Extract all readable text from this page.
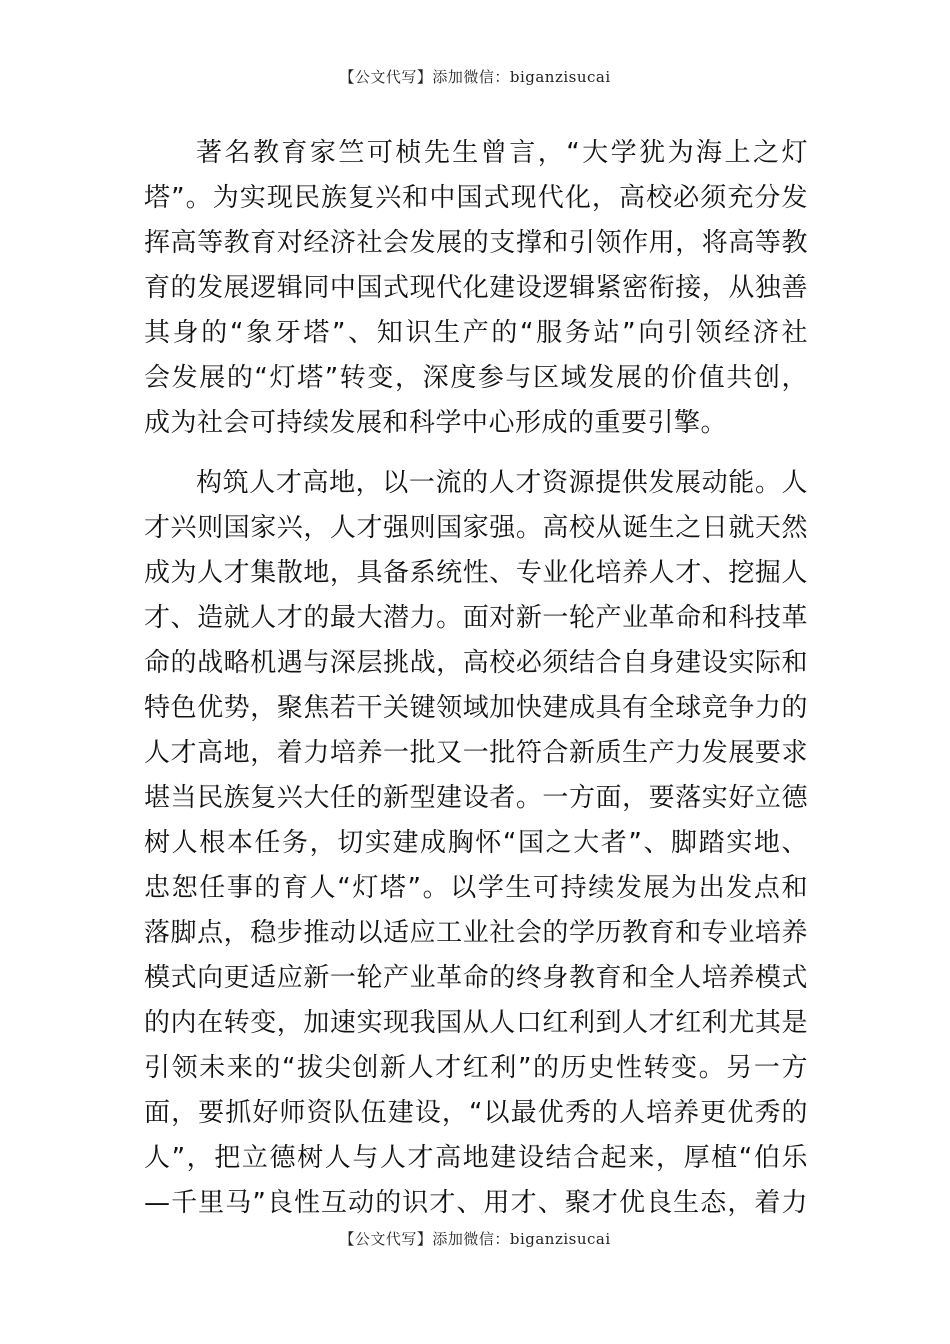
【公文代写】添加微信：biganzisucai
著名教育家竺可桢先生曾言，“大学犹为海上之灯
塔”。为实现民族复兴和中国式现代化，高校必须充分发
挥高等教育对经济社会发展的支撑和引领作用，将高等教
育的发展逻辑同中国式现代化建设逻辑紧密衔接，从独善
其身的“象牙塔”、知识生产的“服务站”向引领经济社
会发展的“灯塔”转变，深度参与区域发展的价值共创，
成为社会可持续发展和科学中心形成的重要引擎。
构筑人才高地，以一流的人才资源提供发展动能。人
才兴则国家兴，人才强则国家强。高校从诞生之日就天然
成为人才集散地，具备系统性、专业化培养人才、挖掘人
才、造就人才的最大潜力。面对新一轮产业革命和科技革
命的战略机遇与深层挑战，高校必须结合自身建设实际和
特色优势，聚焦若干关键领域加快建成具有全球竞争力的
人才高地，着力培养一批又一批符合新质生产力发展要求
堪当民族复兴大任的新型建设者。一方面，要落实好立德
树人根本任务，切实建成胸怀“国之大者”、脚踏实地、
忠恕任事的育人“灯塔”。以学生可持续发展为出发点和
落脚点，稳步推动以适应工业社会的学历教育和专业培养
模式向更适应新一轮产业革命的终身教育和全人培养模式
的内在转变，加速实现我国从人口红利到人才红利尤其是
引领未来的“拔尖创新人才红利”的历史性转变。另一方
面，要抓好师资队伍建设，“以最优秀的人培养更优秀的
人”，把立德树人与人才高地建设结合起来，厚植“伯乐
—千里马”良性互动的识才、用才、聚才优良生态，着力
【公文代写】添加微信：biganzisucai
